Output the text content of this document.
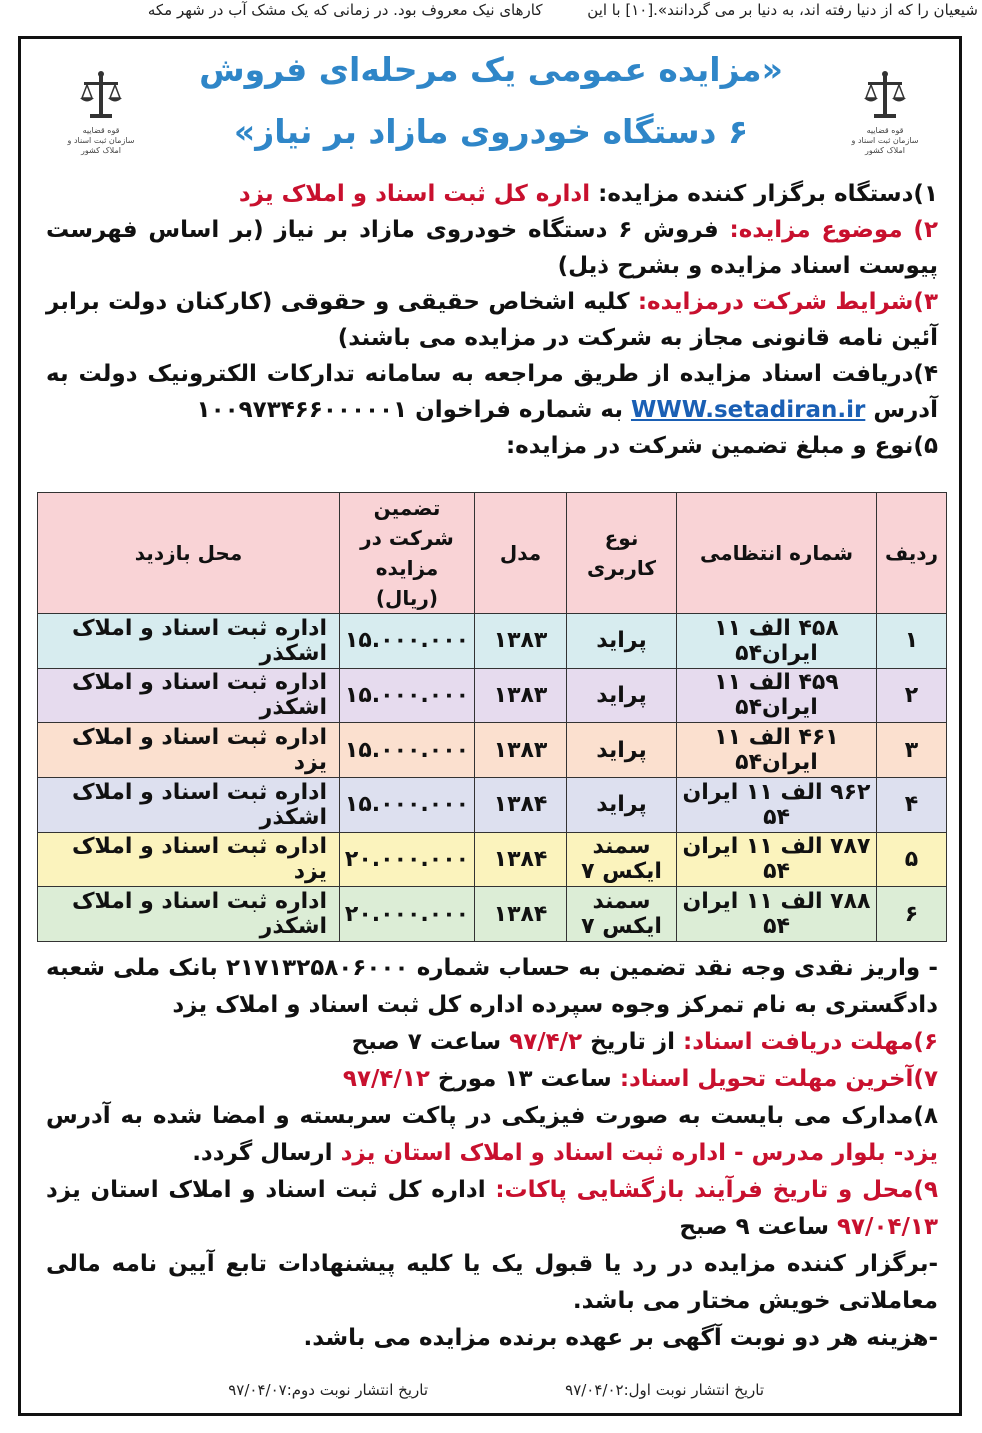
شیعیان را که از دنیا رفته اند، به دنیا بر می گردانند».[۱۰] با این کارهای نیک معروف بود. در زمانی که یک مشک آب در شهر مکه
قوه قضاییه
سازمان ثبت اسناد و املاک کشور
قوه قضاییه
سازمان ثبت اسناد و املاک کشور
«مزایده عمومی یک مرحله‌ای فروش
۶ دستگاه خودروی مازاد بر نیاز»
۱)دستگاه برگزار کننده مزایده: اداره کل ثبت اسناد و املاک یزد
۲) موضوع مزایده: فروش ۶ دستگاه خودروی مازاد بر نیاز (بر اساس فهرست پیوست اسناد مزایده و بشرح ذیل)
۳)شرایط شرکت درمزایده: کلیه اشخاص حقیقی و حقوقی (کارکنان دولت برابر آئین نامه قانونی مجاز به شرکت در مزایده می باشند)
۴)دریافت اسناد مزایده از طریق مراجعه به سامانه تدارکات الکترونیک دولت به آدرس WWW.setadiran.ir به شماره فراخوان ۱۰۰۹۷۳۴۶۶۰۰۰۰۰۱
۵)نوع و مبلغ تضمین شرکت در مزایده:
ردیف	شماره انتظامی	نوع کاربری	مدل	تضمین شرکت در مزایده (ریال)	محل بازدید
۱	۴۵۸ الف ۱۱ ایران۵۴	پراید	۱۳۸۳	۱۵.۰۰۰.۰۰۰	اداره ثبت اسناد و املاک اشکذر
۲	۴۵۹ الف ۱۱ ایران۵۴	پراید	۱۳۸۳	۱۵.۰۰۰.۰۰۰	اداره ثبت اسناد و املاک اشکذر
۳	۴۶۱ الف ۱۱ ایران۵۴	پراید	۱۳۸۳	۱۵.۰۰۰.۰۰۰	اداره ثبت اسناد و املاک یزد
۴	۹۶۲ الف ۱۱ ایران ۵۴	پراید	۱۳۸۴	۱۵.۰۰۰.۰۰۰	اداره ثبت اسناد و املاک اشکذر
۵	۷۸۷ الف ۱۱ ایران ۵۴	سمند ایکس ۷	۱۳۸۴	۲۰.۰۰۰.۰۰۰	اداره ثبت اسناد و املاک یزد
۶	۷۸۸ الف ۱۱ ایران ۵۴	سمند ایکس ۷	۱۳۸۴	۲۰.۰۰۰.۰۰۰	اداره ثبت اسناد و املاک اشکذر
- واریز نقدی وجه نقد تضمین به حساب شماره ۲۱۷۱۳۲۵۸۰۶۰۰۰ بانک ملی شعبه دادگستری به نام تمرکز وجوه سپرده اداره کل ثبت اسناد و املاک یزد
۶)مهلت دریافت اسناد: از تاریخ ۹۷/۴/۲ ساعت ۷ صبح
۷)آخرین مهلت تحویل اسناد: ساعت ۱۳ مورخ ۹۷/۴/۱۲
۸)مدارک می بایست به صورت فیزیکی در پاکت سربسته و امضا شده به آدرس یزد- بلوار مدرس - اداره ثبت اسناد و املاک استان یزد ارسال گردد.
۹)محل و تاریخ فرآیند بازگشایی پاکات: اداره کل ثبت اسناد و املاک استان یزد ۹۷/۰۴/۱۳ ساعت ۹ صبح
-برگزار کننده مزایده در رد یا قبول یک یا کلیه پیشنهادات تابع آیین نامه مالی معاملاتی خویش مختار می باشد.
-هزینه هر دو نوبت آگهی بر عهده برنده مزایده می باشد.
تاریخ انتشار نوبت اول:۹۷/۰۴/۰۲
تاریخ انتشار نوبت دوم:۹۷/۰۴/۰۷
